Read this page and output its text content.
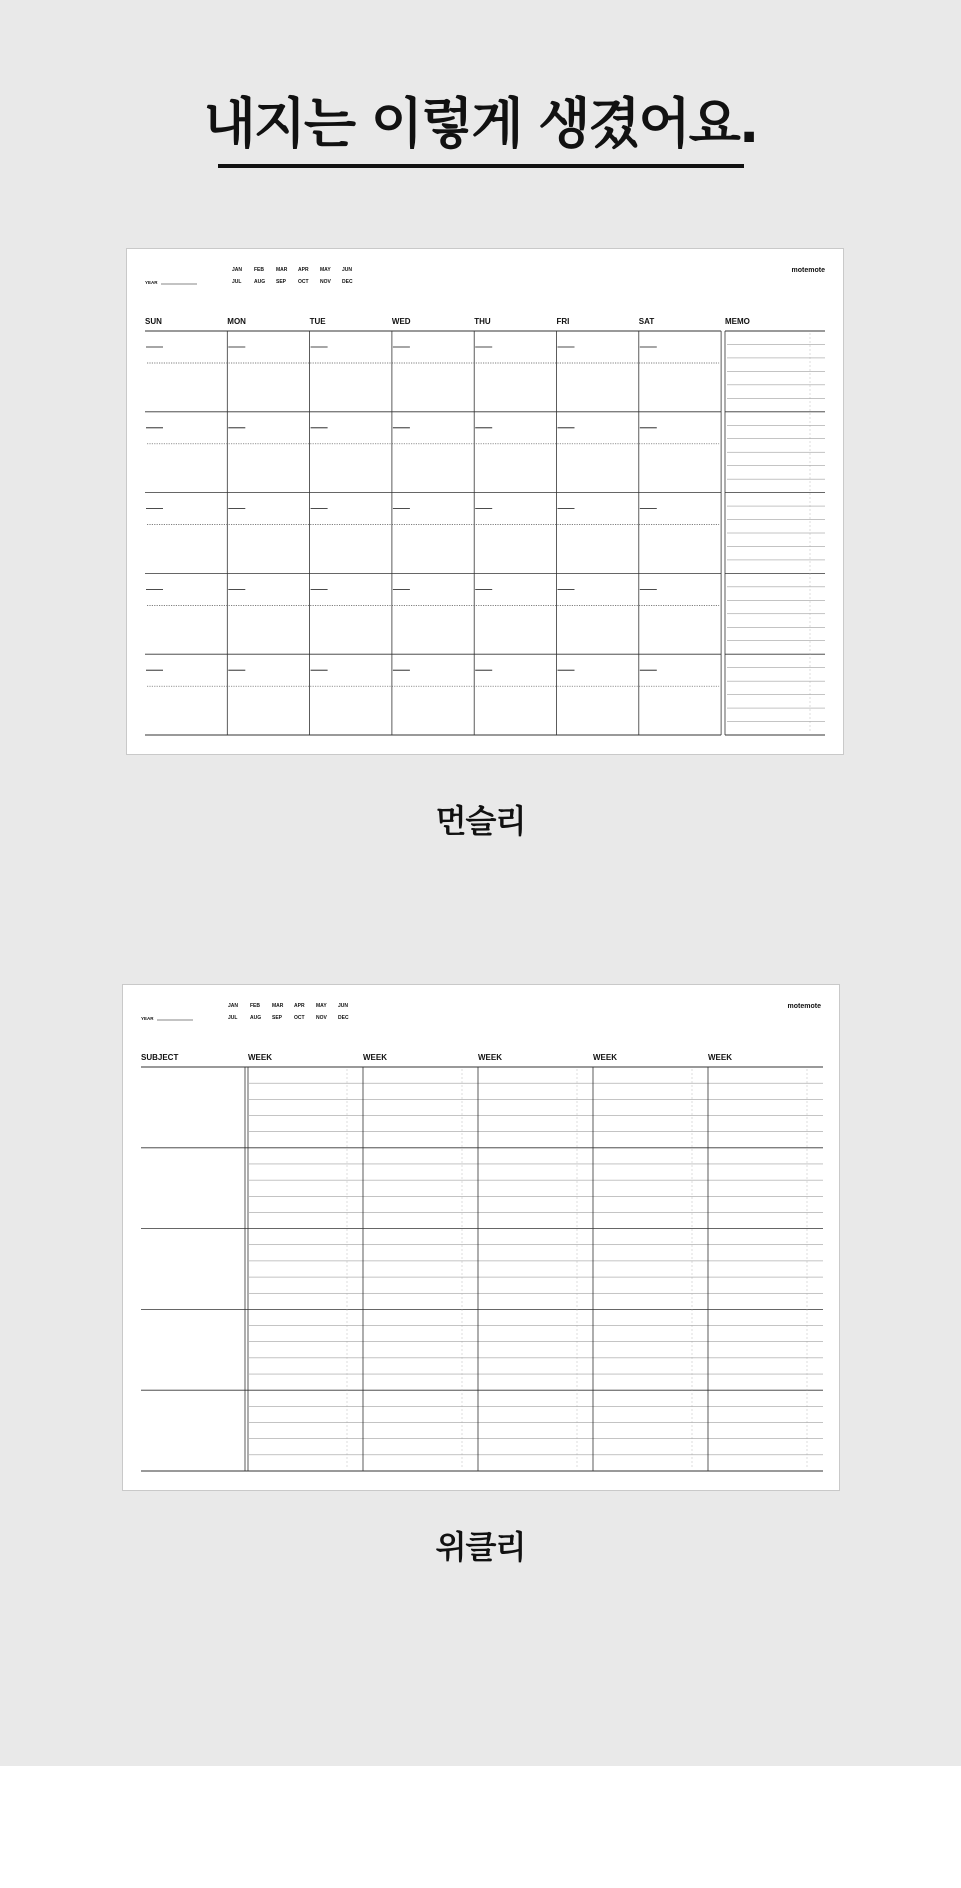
내지는 이렇게 생겼어요.
YEAR
JAN FEB MAR APR MAY JUN
JUL	AUG SEP OCT NOV DEC
motemote
SUN	MON	TUE	WED	THU	FRI	SAT	MEMO
먼슬리
YEAR
JAN FEB MAR APR MAY JUN
JUL	AUG SEP OCT NOV DEC
motemote
SUBJECT	WEEK	WEEK	WEEK	WEEK	WEEK
위클리
